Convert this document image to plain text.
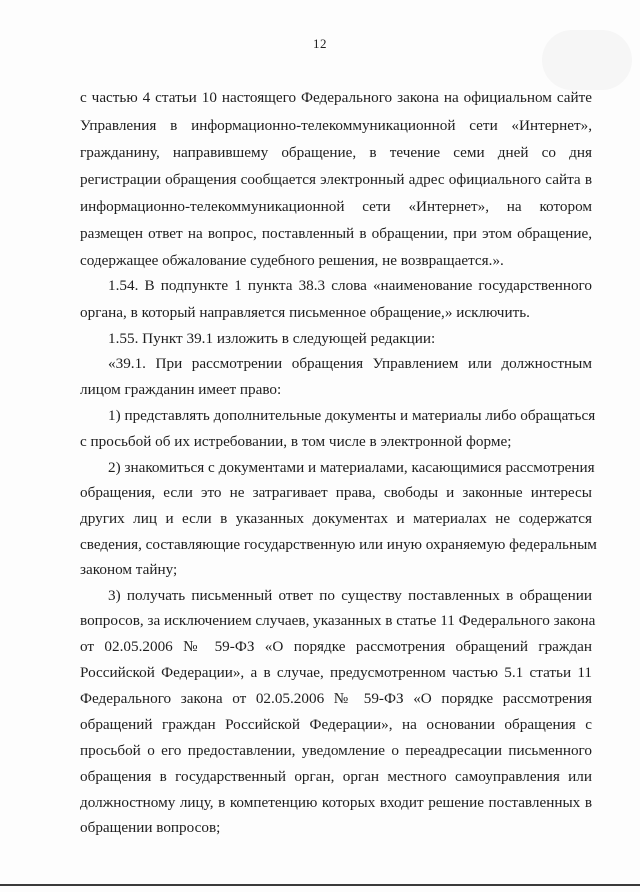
12
с частью 4 статьи 10 настоящего Федерального закона на официальном сайте
Управления в информационно-телекоммуникационной сети «Интернет»,
гражданину, направившему обращение, в течение семи дней со дня
регистрации обращения сообщается электронный адрес официального сайта в
информационно-телекоммуникационной сети «Интернет», на котором
размещен ответ на вопрос, поставленный в обращении, при этом обращение,
содержащее обжалование судебного решения, не возвращается.».
1.54. В подпункте 1 пункта 38.3 слова «наименование государственного
органа, в который направляется письменное обращение,» исключить.
1.55. Пункт 39.1 изложить в следующей редакции:
«39.1. При рассмотрении обращения Управлением или должностным
лицом гражданин имеет право:
1) представлять дополнительные документы и материалы либо обращаться
с просьбой об их истребовании, в том числе в электронной форме;
2) знакомиться с документами и материалами, касающимися рассмотрения
обращения, если это не затрагивает права, свободы и законные интересы
других лиц и если в указанных документах и материалах не содержатся
сведения, составляющие государственную или иную охраняемую федеральным
законом тайну;
3) получать письменный ответ по существу поставленных в обращении
вопросов, за исключением случаев, указанных в статье 11 Федерального закона
от 02.05.2006 № 59-ФЗ «О порядке рассмотрения обращений граждан
Российской Федерации», а в случае, предусмотренном частью 5.1 статьи 11
Федерального закона от 02.05.2006 № 59-ФЗ «О порядке рассмотрения
обращений граждан Российской Федерации», на основании обращения с
просьбой о его предоставлении, уведомление о переадресации письменного
обращения в государственный орган, орган местного самоуправления или
должностному лицу, в компетенцию которых входит решение поставленных в
обращении вопросов;
